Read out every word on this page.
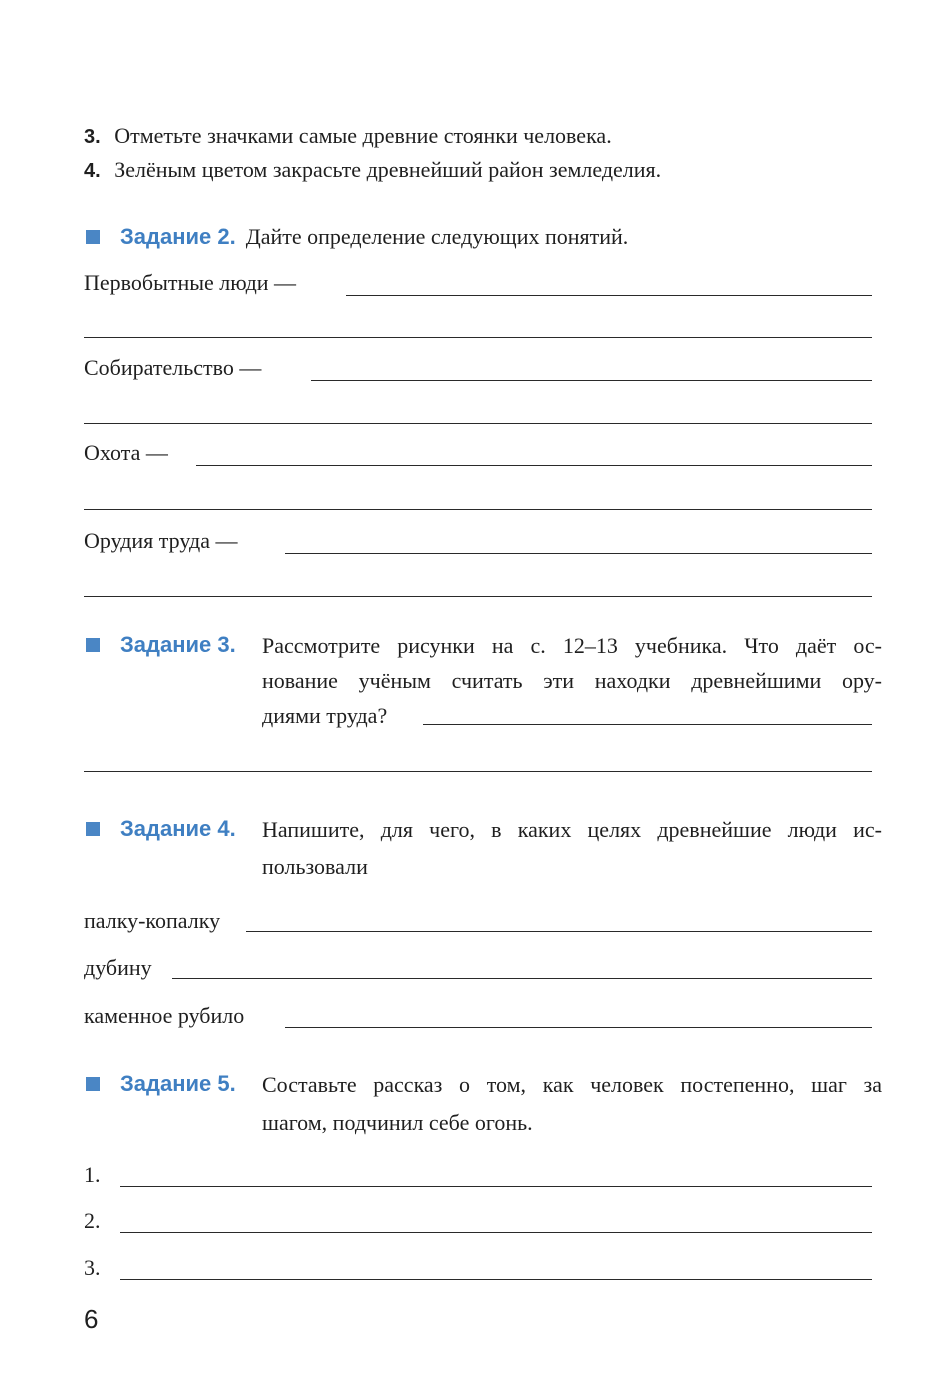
3. Отметьте значками самые древние стоянки человека.
4. Зелёным цветом закрасьте древнейший район земледелия.
Задание 2. Дайте определение следующих понятий.
Первобытные люди —
Собирательство —
Охота —
Орудия труда —
Задание 3. Рассмотрите рисунки на с. 12–13 учебника. Что даёт ос-
нование учёным считать эти находки древнейшими ору-
диями труда?
Задание 4. Напишите, для чего, в каких целях древнейшие люди ис-
пользовали
палку-копалку
дубину
каменное рубило
Задание 5. Составьте рассказ о том, как человек постепенно, шаг за
шагом, подчинил себе огонь.
1.
2.
3.
6
